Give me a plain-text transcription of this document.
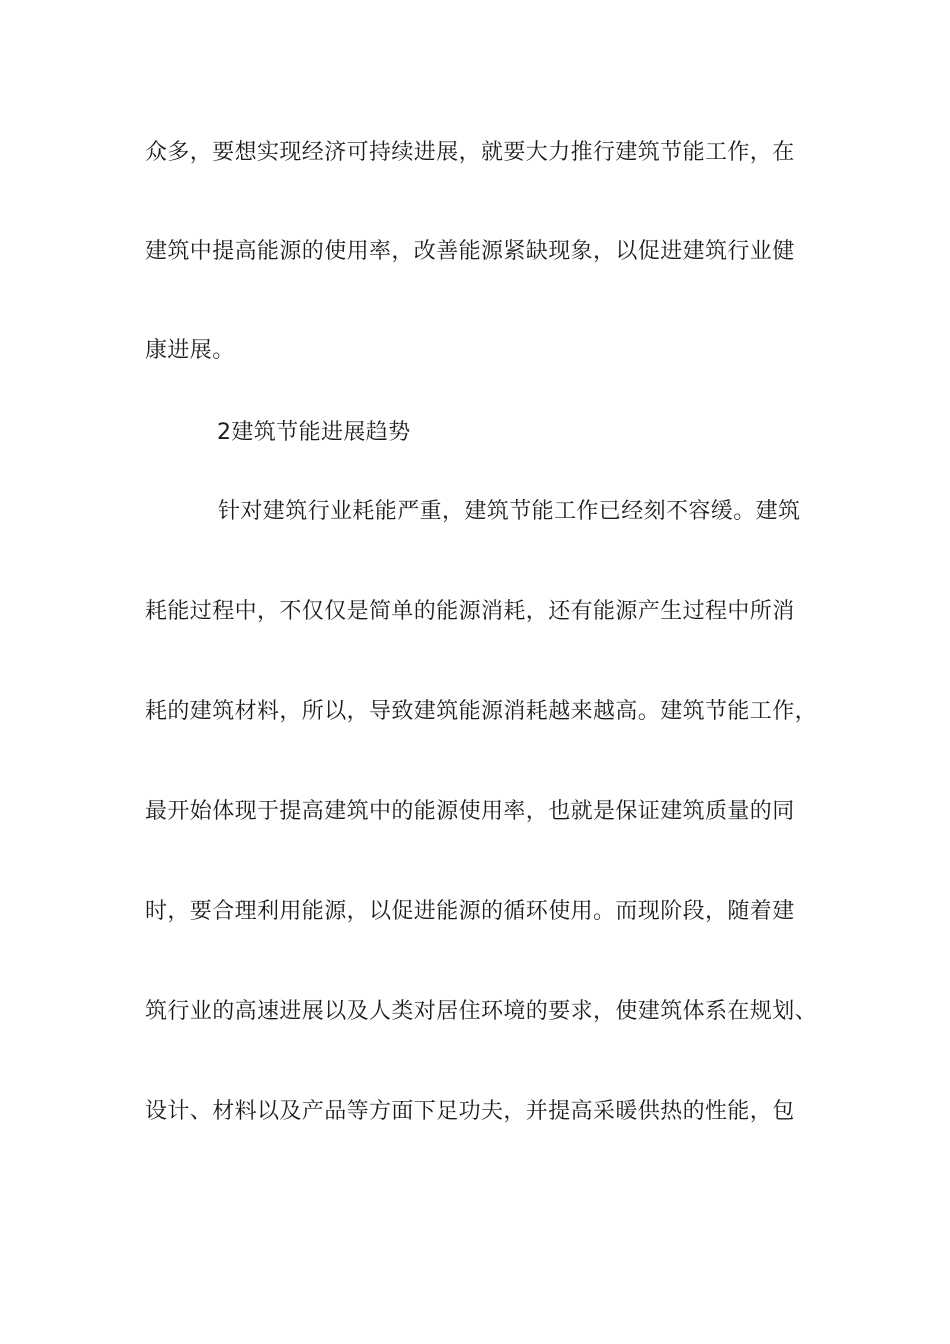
众多，要想实现经济可持续进展，就要大力推行建筑节能工作，在
建筑中提高能源的使用率，改善能源紧缺现象，以促进建筑行业健
康进展。
2建筑节能进展趋势
针对建筑行业耗能严重，建筑节能工作已经刻不容缓。建筑
耗能过程中，不仅仅是简单的能源消耗，还有能源产生过程中所消
耗的建筑材料，所以，导致建筑能源消耗越来越高。建筑节能工作，
最开始体现于提高建筑中的能源使用率，也就是保证建筑质量的同
时，要合理利用能源，以促进能源的循环使用。而现阶段，随着建
筑行业的高速进展以及人类对居住环境的要求，使建筑体系在规划、
设计、材料以及产品等方面下足功夫，并提高采暖供热的性能，包
